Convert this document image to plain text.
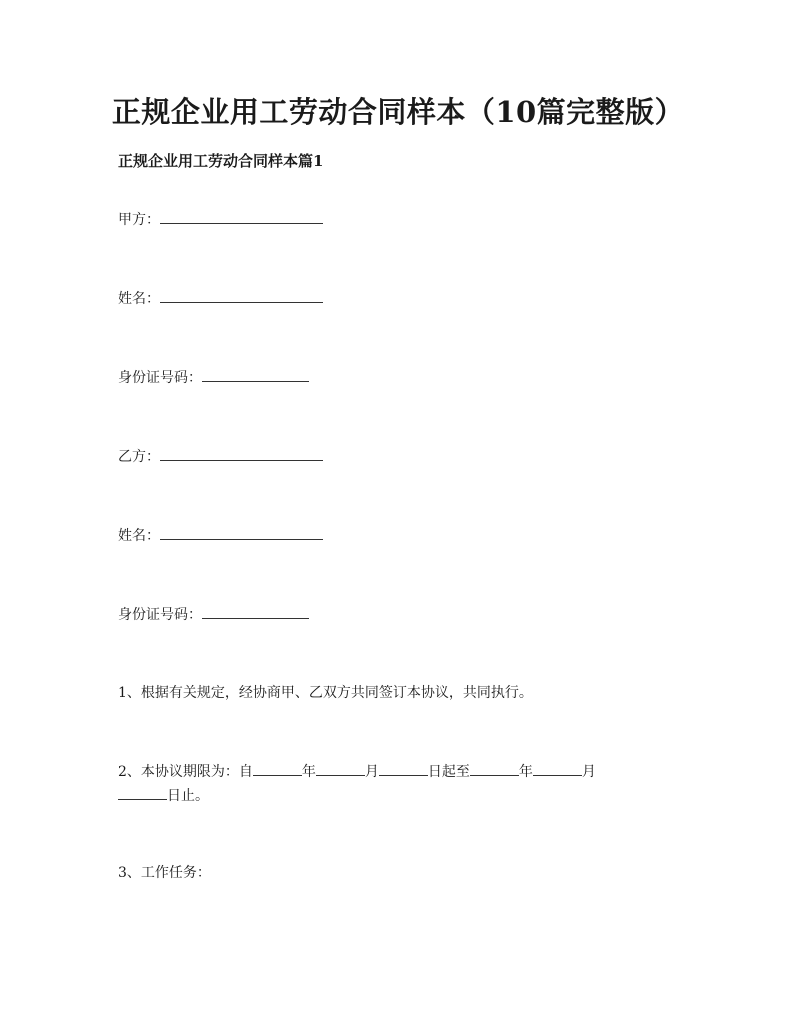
正规企业用工劳动合同样本（10篇完整版）
正规企业用工劳动合同样本篇1
甲方：
姓名：
身份证号码：
乙方：
姓名：
身份证号码：
1、根据有关规定，经协商甲、乙双方共同签订本协议，共同执行。
2、本协议期限为：自	年	月	日起至	年	月
日止。
3、工作任务：
